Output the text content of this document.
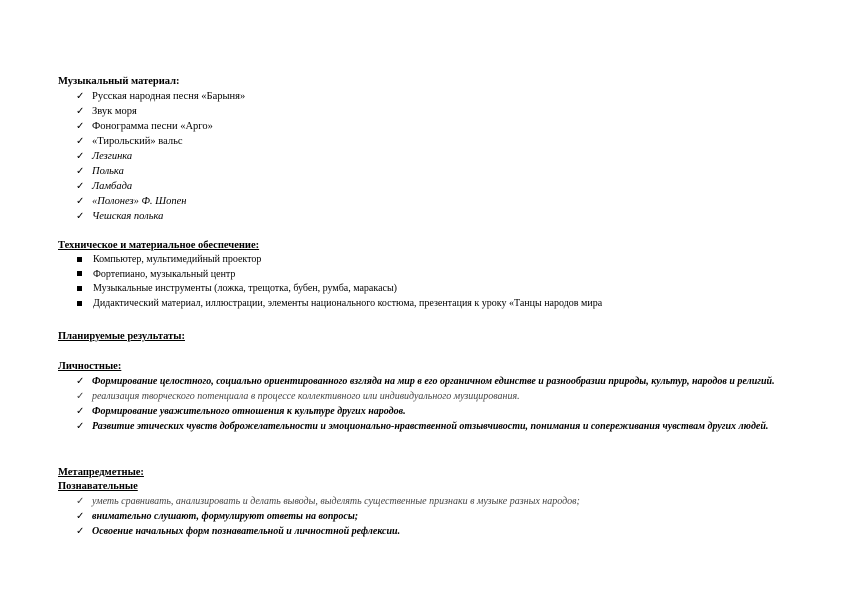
Музыкальный материал:
✓ Русская народная песня «Барыня»
✓ Звук моря
✓ Фонограмма песни «Арго»
✓ «Тирольский» вальс
✓ Лезгинка
✓ Полька
✓ Ламбада
✓ «Полонез» Ф. Шопен
✓ Чешская полька
Техническое и материальное обеспечение:
Компьютер, мультимедийный проектор
Фортепиано, музыкальный центр
Музыкальные инструменты (ложка, трещотка, бубен, румба, маракасы)
Дидактический материал, иллюстрации, элементы национального костюма, презентация к уроку «Танцы народов мира
Планируемые результаты:
Личностные:
✓ Формирование целостного, социально ориентированного взгляда на мир в его органичном единстве и разнообразии природы, культур, народов и религий.
✓ реализация творческого потенциала в процессе коллективного или индивидуального музицирования.
✓ Формирование уважительного отношения к культуре других народов.
✓ Развитие этических чувств доброжелательности и эмоционально-нравственной отзывчивости, понимания и сопереживания чувствам других людей.
Метапредметные:
Познавательные
✓ уметь сравнивать, анализировать и делать выводы, выделять существенные признаки в музыке разных народов;
✓ внимательно слушают, формулируют ответы на вопросы;
✓ Освоение начальных форм познавательной и личностной рефлексии.
